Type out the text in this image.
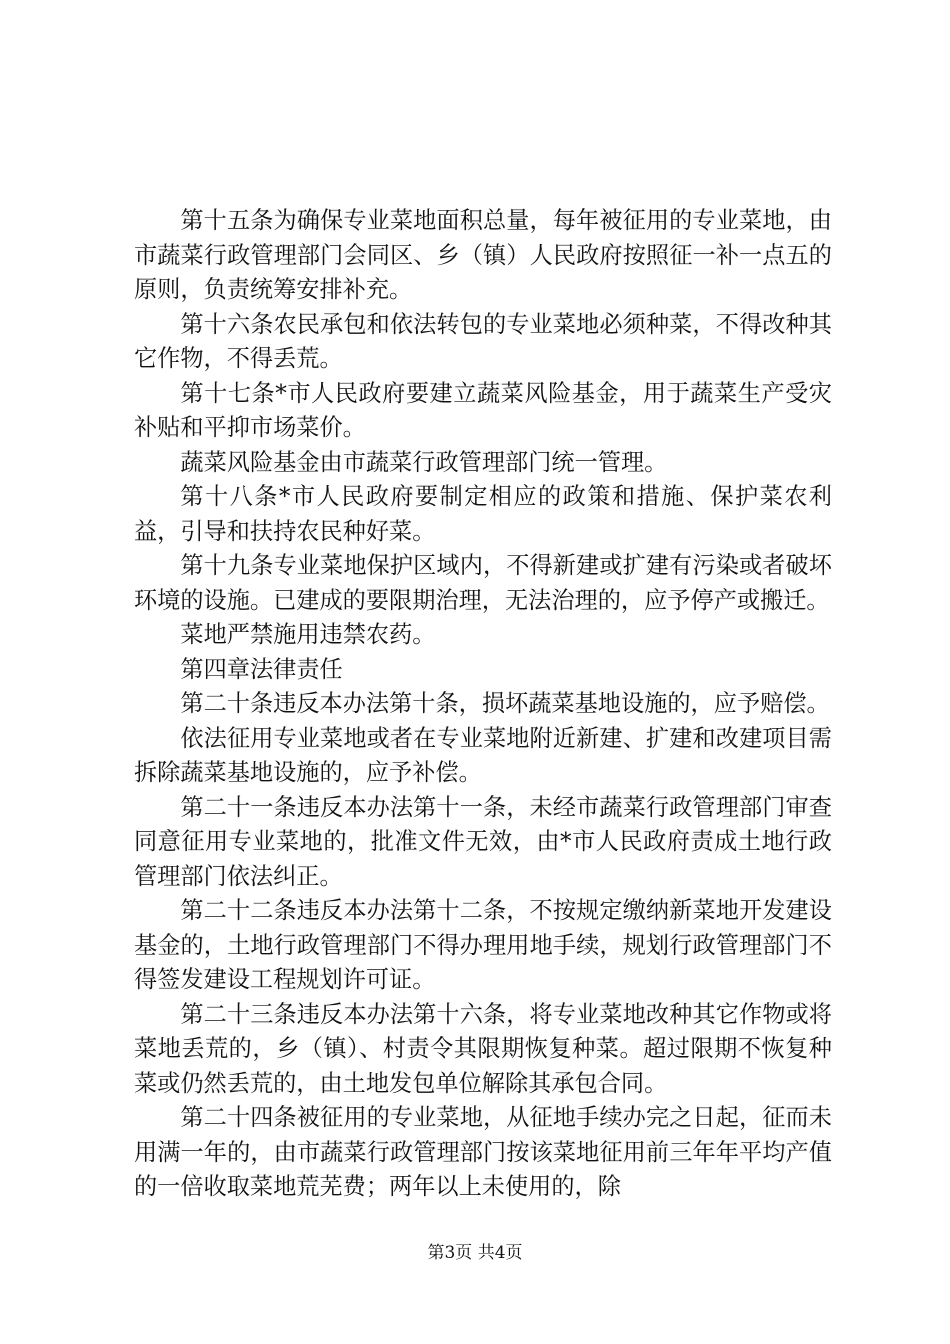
第十五条为确保专业菜地面积总量，每年被征用的专业菜地，由市蔬菜行政管理部门会同区、乡（镇）人民政府按照征一补一点五的原则，负责统筹安排补充。

第十六条农民承包和依法转包的专业菜地必须种菜，不得改种其它作物，不得丢荒。

第十七条*市人民政府要建立蔬菜风险基金，用于蔬菜生产受灾补贴和平抑市场菜价。

蔬菜风险基金由市蔬菜行政管理部门统一管理。

第十八条*市人民政府要制定相应的政策和措施、保护菜农利益，引导和扶持农民种好菜。

第十九条专业菜地保护区域内，不得新建或扩建有污染或者破坏环境的设施。已建成的要限期治理，无法治理的，应予停产或搬迁。

菜地严禁施用违禁农药。

第四章法律责任

第二十条违反本办法第十条，损坏蔬菜基地设施的，应予赔偿。

依法征用专业菜地或者在专业菜地附近新建、扩建和改建项目需拆除蔬菜基地设施的，应予补偿。

第二十一条违反本办法第十一条，未经市蔬菜行政管理部门审查同意征用专业菜地的，批准文件无效，由*市人民政府责成土地行政管理部门依法纠正。

第二十二条违反本办法第十二条，不按规定缴纳新菜地开发建设基金的，土地行政管理部门不得办理用地手续，规划行政管理部门不得签发建设工程规划许可证。

第二十三条违反本办法第十六条，将专业菜地改种其它作物或将菜地丢荒的，乡（镇）、村责令其限期恢复种菜。超过限期不恢复种菜或仍然丢荒的，由土地发包单位解除其承包合同。

第二十四条被征用的专业菜地，从征地手续办完之日起，征而未用满一年的，由市蔬菜行政管理部门按该菜地征用前三年年平均产值的一倍收取菜地荒芜费；两年以上未使用的，除

第3页 共4页
